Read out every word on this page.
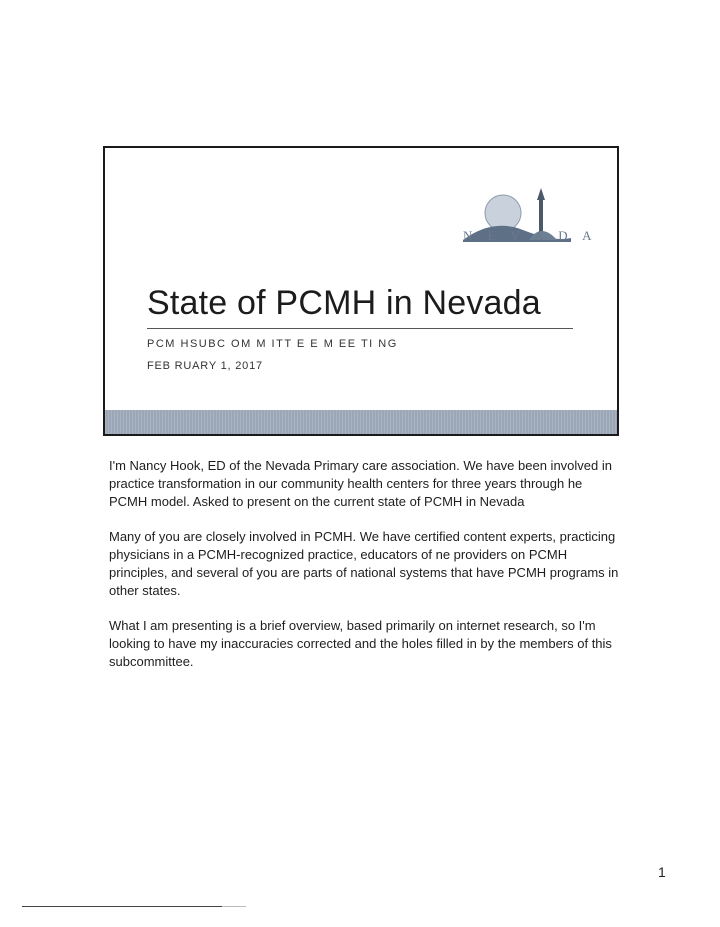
N E V A D A
State of PCMH in Nevada
PCM HSUBC OM M ITT E E M EE TI NG
FEB RUARY 1, 2017

I'm Nancy Hook, ED of the Nevada Primary care association. We have been involved in practice transformation in our community health centers for three years through he PCMH model. Asked to present on the current state of PCMH in Nevada

Many of you are closely involved in PCMH. We have certified content experts, practicing physicians in a PCMH-recognized practice, educators of ne providers on PCMH principles, and several of you are parts of national systems that have PCMH programs in other states.

What I am presenting is a brief overview, based primarily on internet research, so I'm looking to have my inaccuracies corrected and the holes filled in by the members of this subcommittee.

1
